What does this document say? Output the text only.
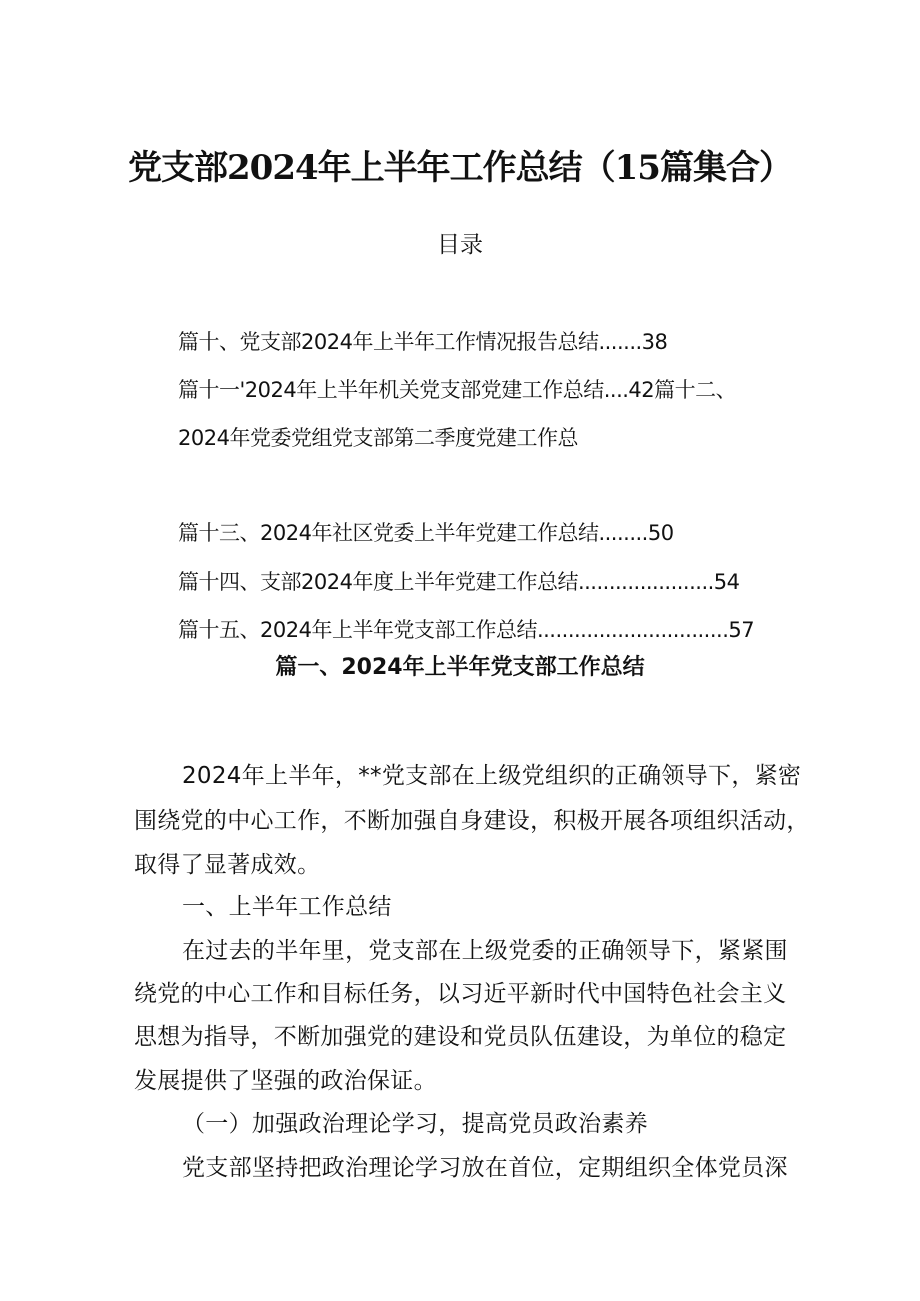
党支部2024年上半年工作总结（15篇集合）
目录
篇十、党支部2024年上半年工作情况报告总结.......38
篇十一'2024年上半年机关党支部党建工作总结....42篇十二、
2024年党委党组党支部第二季度党建工作总
篇十三、2024年社区党委上半年党建工作总结........50
篇十四、支部2024年度上半年党建工作总结......................54
篇十五、2024年上半年党支部工作总结...............................57
篇一、2024年上半年党支部工作总结
2024年上半年，**党支部在上级党组织的正确领导下，紧密
围绕党的中心工作，不断加强自身建设，积极开展各项组织活动，
取得了显著成效。
一、上半年工作总结
在过去的半年里，党支部在上级党委的正确领导下，紧紧围
绕党的中心工作和目标任务，以习近平新时代中国特色社会主义
思想为指导，不断加强党的建设和党员队伍建设，为单位的稳定
发展提供了坚强的政治保证。
（一）加强政治理论学习，提高党员政治素养
党支部坚持把政治理论学习放在首位，定期组织全体党员深
